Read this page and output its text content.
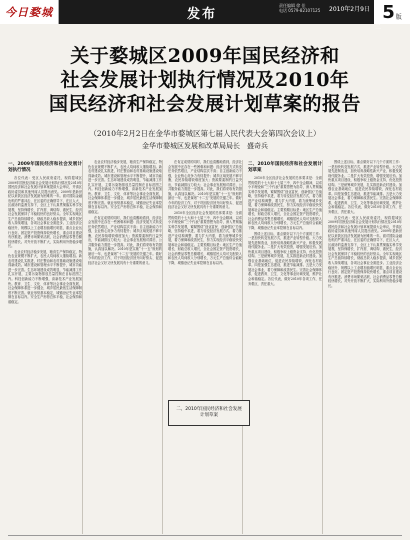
今日婺城	发布
责任编辑 徐 佳
电话 0579-82107125 2010年2月9日 星期二
5 版
关于婺城区2009年国民经济和
社会发展计划执行情况及2010年
国民经济和社会发展计划草案的报告
（2010年2月2日在金华市婺城区第七届人民代表大会第四次会议上）
金华市婺城区发展和改革局局长　盛奇兵
一、2009年国民经济和社会发展计划执行情况

各位代表：受区人民政府委托，现将婺城区2009年国民经济和社会发展计划执行情况及2010年国民经济和社会发展计划草案提请大会审议，并请区政协委员和其他列席人员提出意见。2009年是新世纪以来我区经济发展最为困难的一年。面对国际金融危机的严重冲击，在区委的正确领导下，在区人大、区政协的监督支持下，全区上下认真贯彻落实科学发展观，坚持保增长、扩内需、调结构、惠民生，经济社会发展保持了平稳较快的良好势头。全年实现地区生产总值持续增长，财政总收入稳步提高，城乡居民收入持续增加，各项社会事业全面进步。工业经济企稳回升，规模以上工业增加值增长明显，重点企业运行良好。固定资产投资保持较快增长，重点项目建设有序推进。消费市场繁荣活跃，社会消费品零售总额较快增长。对外开放不断扩大，实际利用外资稳步增长。

农业农村经济稳步发展，粮食生产保持稳定，特色农业规模不断扩大，农民人均纯收入继续增加。新农村建设扎实推进，村庄整治和农村基础设施建设取得新成效。城市建设和管理水平不断提升，城市功能进一步完善。生态环境建设成效明显，节能减排工作扎实开展，主要污染物排放总量控制在目标范围之内。科技创新能力不断增强，高新技术产业发展加快。教育、卫生、文化、体育等社会事业全面发展，社会保障体系进一步健全，城乡居民最低生活保障制度不断完善。就业形势基本稳定，城镇登记失业率控制在目标以内。安全生产形势总体平稳，社会保持和谐稳定。

农业农村经济稳步发展，粮食生产保持稳定，特色农业规模不断扩大，农民人均纯收入继续增加。新农村建设扎实推进，村庄整治和农村基础设施建设取得新成效。城市建设和管理水平不断提升，城市功能进一步完善。生态环境建设成效明显，节能减排工作扎实开展，主要污染物排放总量控制在目标范围之内。科技创新能力不断增强，高新技术产业发展加快。教育、卫生、文化、体育等社会事业全面发展，社会保障体系进一步健全，城乡居民最低生活保障制度不断完善。就业形势基本稳定，城镇登记失业率控制在目标以内。安全生产形势总体平稳，社会保持和谐稳定。

在肯定成绩的同时，我们也清醒地看到，经济社会发展中还存在一些困难和问题：经济发展方式转变任务依然艰巨，产业结构层次不高；自主创新能力不强，企业核心竞争力有待提升；城乡区域发展不够平衡，农民持续增收难度加大；资源要素制约日益突出，节能减排压力较大；社会事业发展相对滞后，公共服务能力需进一步提高。对此，我们将采取有效措施，认真加以解决。2010年是实施“十一五”规划的最后一年，也是谋划“十二五”发展的关键之年。做好今年的经济工作，对于巩固经济回升向好势头、促进经济社会又好又快发展具有十分重要的意义。

在肯定成绩的同时，我们也清醒地看到，经济社会发展中还存在一些困难和问题：经济发展方式转变任务依然艰巨，产业结构层次不高；自主创新能力不强，企业核心竞争力有待提升；城乡区域发展不够平衡，农民持续增收难度加大；资源要素制约日益突出，节能减排压力较大；社会事业发展相对滞后，公共服务能力需进一步提高。对此，我们将采取有效措施，认真加以解决。2010年是实施“十一五”规划的最后一年，也是谋划“十二五”发展的关键之年。做好今年的经济工作，对于巩固经济回升向好势头、促进经济社会又好又快发展具有十分重要的意义。

2010年全区经济社会发展的总体要求是：全面贯彻党的十七大和十七届三中、四中全会精神，以邓小平理论和“三个代表”重要思想为指导，深入贯彻落实科学发展观，紧紧围绕“创业富民、创新强区”总战略，坚持稳中求进，着力转变经济发展方式，着力推进产业结构调整，着力扩大内需，着力统筹城乡发展，着力保障和改善民生，努力实现经济平稳较快发展和社会和谐稳定。主要预期目标是：地区生产总值增长，财政总收入增长，全社会固定资产投资增长，社会消费品零售总额增长，城镇居民人均可支配收入和农民人均纯收入分别增长，万元生产总值综合能耗下降，城镇登记失业率控制在目标以内。

二、2010年国民经济和社会发展计划草案

2010年全区经济社会发展的总体要求是：全面贯彻党的十七大和十七届三中、四中全会精神，以邓小平理论和“三个代表”重要思想为指导，深入贯彻落实科学发展观，紧紧围绕“创业富民、创新强区”总战略，坚持稳中求进，着力转变经济发展方式，着力推进产业结构调整，着力扩大内需，着力统筹城乡发展，着力保障和改善民生，努力实现经济平稳较快发展和社会和谐稳定。主要预期目标是：地区生产总值增长，财政总收入增长，全社会固定资产投资增长，社会消费品零售总额增长，城镇居民人均可支配收入和农民人均纯收入分别增长，万元生产总值综合能耗下降，城镇登记失业率控制在目标以内。

围绕上述目标，重点做好以下几个方面的工作：一是加快转变发展方式，推进产业转型升级。大力发展先进制造业，加快培育战略性新兴产业，积极发展现代服务业。二是扩大有效投资，增强发展后劲。加快重点项目建设，积极争取上级资金支持，优化投资结构。三是统筹城乡发展，扎实推进新农村建设。加强农业基础地位，促进农民持续增收，深化农村改革。四是加强生态建设，推进节能减排。五是大力发展社会事业，着力保障和改善民生。完善社会保障体系，促进教育、卫生、文化等事业协调发展，维护社会和谐稳定。各位代表，做好2010年各项工作，任务艰巨，责任重大。

围绕上述目标，重点做好以下几个方面的工作：一是加快转变发展方式，推进产业转型升级。大力发展先进制造业，加快培育战略性新兴产业，积极发展现代服务业。二是扩大有效投资，增强发展后劲。加快重点项目建设，积极争取上级资金支持，优化投资结构。三是统筹城乡发展，扎实推进新农村建设。加强农业基础地位，促进农民持续增收，深化农村改革。四是加强生态建设，推进节能减排。五是大力发展社会事业，着力保障和改善民生。完善社会保障体系，促进教育、卫生、文化等事业协调发展，维护社会和谐稳定。各位代表，做好2010年各项工作，任务艰巨，责任重大。

各位代表：受区人民政府委托，现将婺城区2009年国民经济和社会发展计划执行情况及2010年国民经济和社会发展计划草案提请大会审议，并请区政协委员和其他列席人员提出意见。2009年是新世纪以来我区经济发展最为困难的一年。面对国际金融危机的严重冲击，在区委的正确领导下，在区人大、区政协的监督支持下，全区上下认真贯彻落实科学发展观，坚持保增长、扩内需、调结构、惠民生，经济社会发展保持了平稳较快的良好势头。全年实现地区生产总值持续增长，财政总收入稳步提高，城乡居民收入持续增加，各项社会事业全面进步。工业经济企稳回升，规模以上工业增加值增长明显，重点企业运行良好。固定资产投资保持较快增长，重点项目建设有序推进。消费市场繁荣活跃，社会消费品零售总额较快增长。对外开放不断扩大，实际利用外资稳步增长。

二、2010年国民经济和社会发展
计划草案
